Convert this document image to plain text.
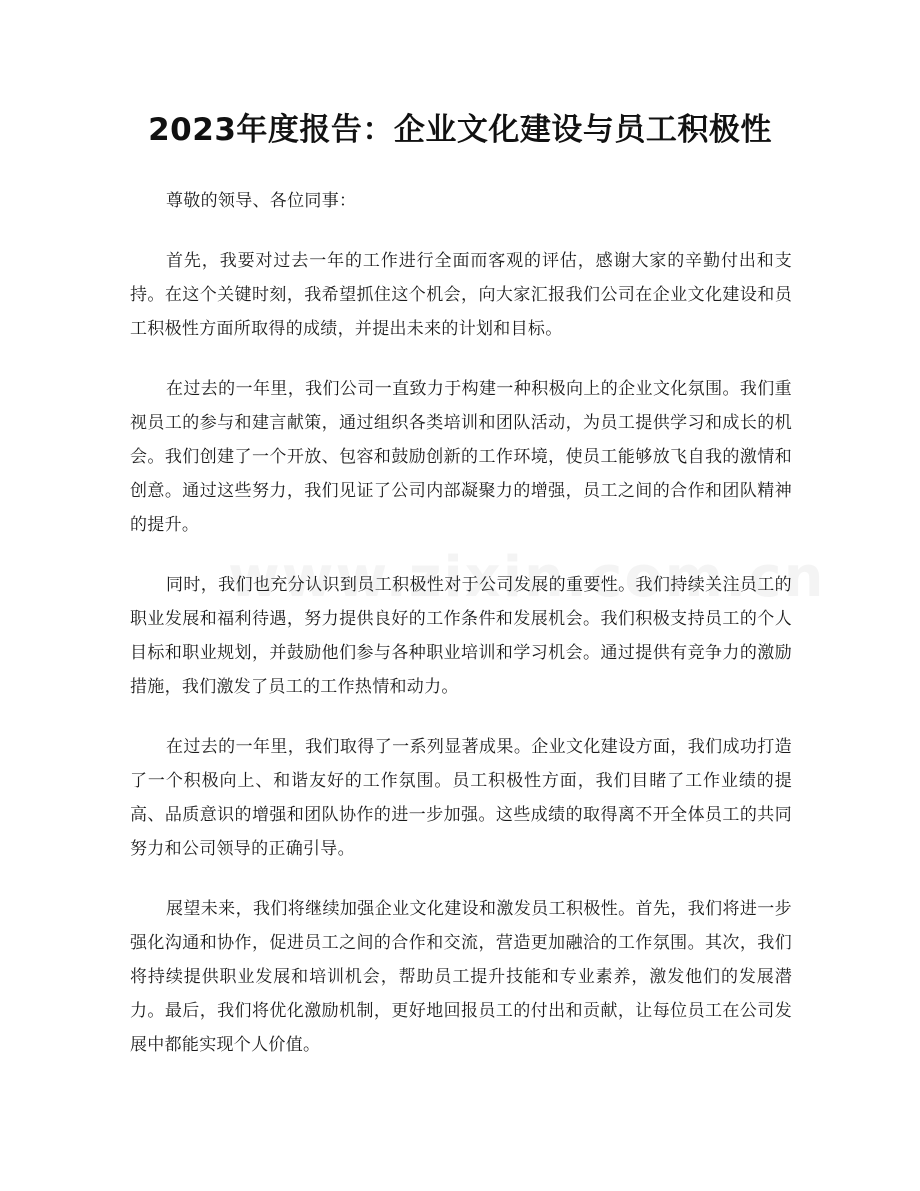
2023年度报告：企业文化建设与员工积极性

尊敬的领导、各位同事：

首先，我要对过去一年的工作进行全面而客观的评估，感谢大家的辛勤付出和支持。在这个关键时刻，我希望抓住这个机会，向大家汇报我们公司在企业文化建设和员工积极性方面所取得的成绩，并提出未来的计划和目标。

在过去的一年里，我们公司一直致力于构建一种积极向上的企业文化氛围。我们重视员工的参与和建言献策，通过组织各类培训和团队活动，为员工提供学习和成长的机会。我们创建了一个开放、包容和鼓励创新的工作环境，使员工能够放飞自我的激情和创意。通过这些努力，我们见证了公司内部凝聚力的增强，员工之间的合作和团队精神的提升。

同时，我们也充分认识到员工积极性对于公司发展的重要性。我们持续关注员工的职业发展和福利待遇，努力提供良好的工作条件和发展机会。我们积极支持员工的个人目标和职业规划，并鼓励他们参与各种职业培训和学习机会。通过提供有竞争力的激励措施，我们激发了员工的工作热情和动力。

在过去的一年里，我们取得了一系列显著成果。企业文化建设方面，我们成功打造了一个积极向上、和谐友好的工作氛围。员工积极性方面，我们目睹了工作业绩的提高、品质意识的增强和团队协作的进一步加强。这些成绩的取得离不开全体员工的共同努力和公司领导的正确引导。

展望未来，我们将继续加强企业文化建设和激发员工积极性。首先，我们将进一步强化沟通和协作，促进员工之间的合作和交流，营造更加融洽的工作氛围。其次，我们将持续提供职业发展和培训机会，帮助员工提升技能和专业素养，激发他们的发展潜力。最后，我们将优化激励机制，更好地回报员工的付出和贡献，让每位员工在公司发展中都能实现个人价值。
